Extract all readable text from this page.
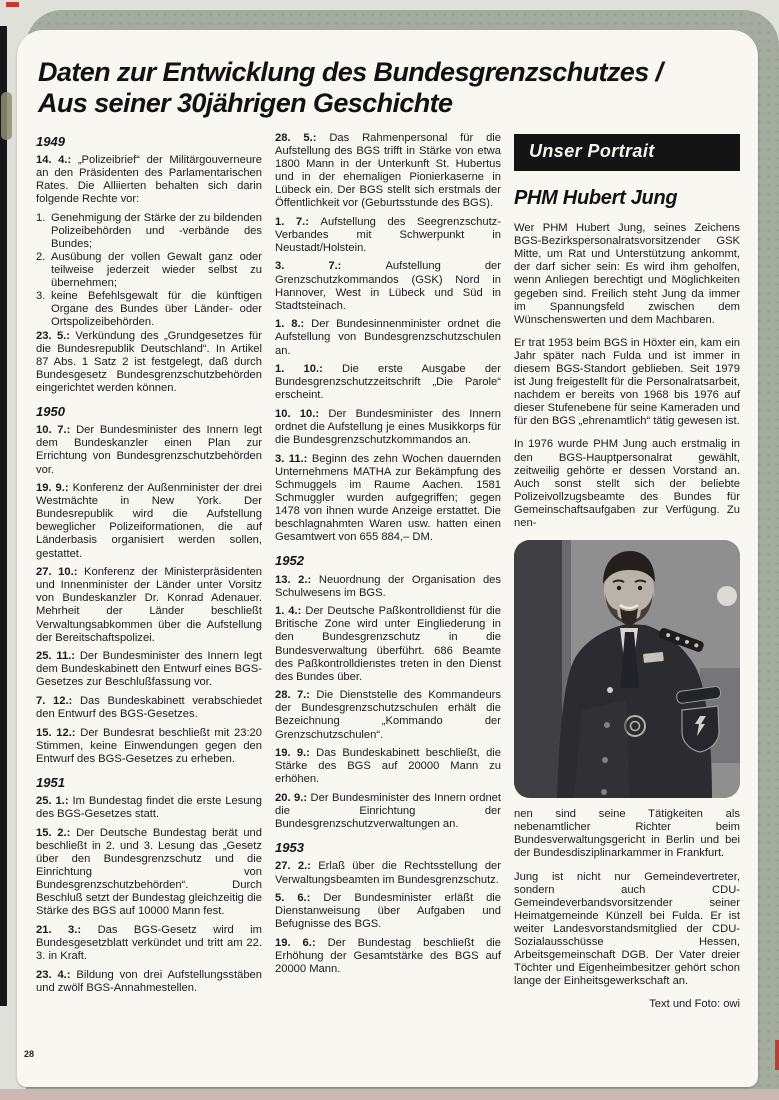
Daten zur Entwicklung des Bundesgrenzschutzes /
Aus seiner 30jährigen Geschichte
1949

14. 4.: „Polizeibrief“ der Militärgouverneure an den Präsidenten des Parlamentarischen Rates. Die Alliierten behalten sich darin folgende Rechte vor:

1. Genehmigung der Stärke der zu bildenden Polizeibehörden und -verbände des Bundes;
2. Ausübung der vollen Gewalt ganz oder teilweise jederzeit wieder selbst zu übernehmen;
3. keine Befehlsgewalt für die künftigen Organe des Bundes über Länder- oder Ortspolizeibehörden.

23. 5.: Verkündung des „Grundgesetzes für die Bundesrepublik Deutschland“. In Artikel 87 Abs. 1 Satz 2 ist festgelegt, daß durch Bundesgesetz Bundesgrenzschutzbehörden eingerichtet werden können.

1950

10. 7.: Der Bundesminister des Innern legt dem Bundeskanzler einen Plan zur Errichtung von Bundesgrenzschutzbehörden vor.

19. 9.: Konferenz der Außenminister der drei Westmächte in New York. Der Bundesrepublik wird die Aufstellung beweglicher Polizeiformationen, die auf Länderbasis organisiert werden sollen, gestattet.

27. 10.: Konferenz der Ministerpräsidenten und Innenminister der Länder unter Vorsitz von Bundeskanzler Dr. Konrad Adenauer. Mehrheit der Länder beschließt Verwaltungsabkommen über die Aufstellung der Bereitschaftspolizei.

25. 11.: Der Bundesminister des Innern legt dem Bundeskabinett den Entwurf eines BGS-Gesetzes zur Beschlußfassung vor.

7. 12.: Das Bundeskabinett verabschiedet den Entwurf des BGS-Gesetzes.

15. 12.: Der Bundesrat beschließt mit 23:20 Stimmen, keine Einwendungen gegen den Entwurf des BGS-Gesetzes zu erheben.

1951

25. 1.: Im Bundestag findet die erste Lesung des BGS-Gesetzes statt.

15. 2.: Der Deutsche Bundestag berät und beschließt in 2. und 3. Lesung das „Gesetz über den Bundesgrenzschutz und die Einrichtung von Bundesgrenzschutzbehörden“. Durch Beschluß setzt der Bundestag gleichzeitig die Stärke des BGS auf 10000 Mann fest.

21. 3.: Das BGS-Gesetz wird im Bundesgesetzblatt verkündet und tritt am 22. 3. in Kraft.

23. 4.: Bildung von drei Aufstellungsstäben und zwölf BGS-Annahmestellen.

28. 5.: Das Rahmenpersonal für die Aufstellung des BGS trifft in Stärke von etwa 1800 Mann in der Unterkunft St. Hubertus und in der ehemaligen Pionierkaserne in Lübeck ein. Der BGS stellt sich erstmals der Öffentlichkeit vor (Geburtsstunde des BGS).

1. 7.: Aufstellung des Seegrenzschutz-Verbandes mit Schwerpunkt in Neustadt/Holstein.

3. 7.: Aufstellung der Grenzschutzkommandos (GSK) Nord in Hannover, West in Lübeck und Süd in Stadtsteinach.

1. 8.: Der Bundesinnenminister ordnet die Aufstellung von Bundesgrenzschutzschulen an.

1. 10.: Die erste Ausgabe der Bundesgrenzschutzzeitschrift „Die Parole“ erscheint.

10. 10.: Der Bundesminister des Innern ordnet die Aufstellung je eines Musikkorps für die Bundesgrenzschutzkommandos an.

3. 11.: Beginn des zehn Wochen dauernden Unternehmens MATHA zur Bekämpfung des Schmuggels im Raume Aachen. 1581 Schmuggler wurden aufgegriffen; gegen 1478 von ihnen wurde Anzeige erstattet. Die beschlagnahmten Waren usw. hatten einen Gesamtwert von 655 884,– DM.

1952

13. 2.: Neuordnung der Organisation des Schulwesens im BGS.

1. 4.: Der Deutsche Paßkontrolldienst für die Britische Zone wird unter Eingliederung in den Bundesgrenzschutz in die Bundesverwaltung überführt. 686 Beamte des Paßkontrolldienstes treten in den Dienst des Bundes über.

28. 7.: Die Dienststelle des Kommandeurs der Bundesgrenzschutzschulen erhält die Bezeichnung „Kommando der Grenzschutzschulen“.

19. 9.: Das Bundeskabinett beschließt, die Stärke des BGS auf 20000 Mann zu erhöhen.

20. 9.: Der Bundesminister des Innern ordnet die Einrichtung der Bundesgrenzschutzverwaltungen an.

1953

27. 2.: Erlaß über die Rechtsstellung der Verwaltungsbeamten im Bundesgrenzschutz.

5. 6.: Der Bundesminister erläßt die Dienstanweisung über Aufgaben und Befugnisse des BGS.

19. 6.: Der Bundestag beschließt die Erhöhung der Gesamtstärke des BGS auf 20000 Mann.

Unser Portrait
PHM Hubert Jung

Wer PHM Hubert Jung, seines Zeichens BGS-Bezirkspersonalratsvorsitzender GSK Mitte, um Rat und Unterstützung ankommt, der darf sicher sein: Es wird ihm geholfen, wenn Anliegen berechtigt und Möglichkeiten gegeben sind. Freilich steht Jung da immer im Spannungsfeld zwischen dem Wünschenswerten und dem Machbaren.

Er trat 1953 beim BGS in Höxter ein, kam ein Jahr später nach Fulda und ist immer in diesem BGS-Standort geblieben. Seit 1979 ist Jung freigestellt für die Personalratsarbeit, nachdem er bereits von 1968 bis 1976 auf dieser Stufenebene für seine Kameraden und für den BGS „ehrenamtlich“ tätig gewesen ist.

In 1976 wurde PHM Jung auch erstmalig in den BGS-Hauptpersonalrat gewählt, zeitweilig gehörte er dessen Vorstand an. Auch sonst stellt sich der beliebte Polizeivollzugsbeamte des Bundes für Gemeinschaftsaufgaben zur Verfügung. Zu nen-

nen sind seine Tätigkeiten als nebenamtlicher Richter beim Bundesverwaltungsgericht in Berlin und bei der Bundesdisziplinarkammer in Frankfurt.

Jung ist nicht nur Gemeindevertreter, sondern auch CDU-Gemeindeverbandsvorsitzender seiner Heimatgemeinde Künzell bei Fulda. Er ist weiter Landesvorstandsmitglied der CDU-Sozialausschüsse Hessen, Arbeitsgemeinschaft DGB. Der Vater dreier Töchter und Eigenheimbesitzer gehört schon lange der Einheitsgewerkschaft an.

Text und Foto: owi
28
